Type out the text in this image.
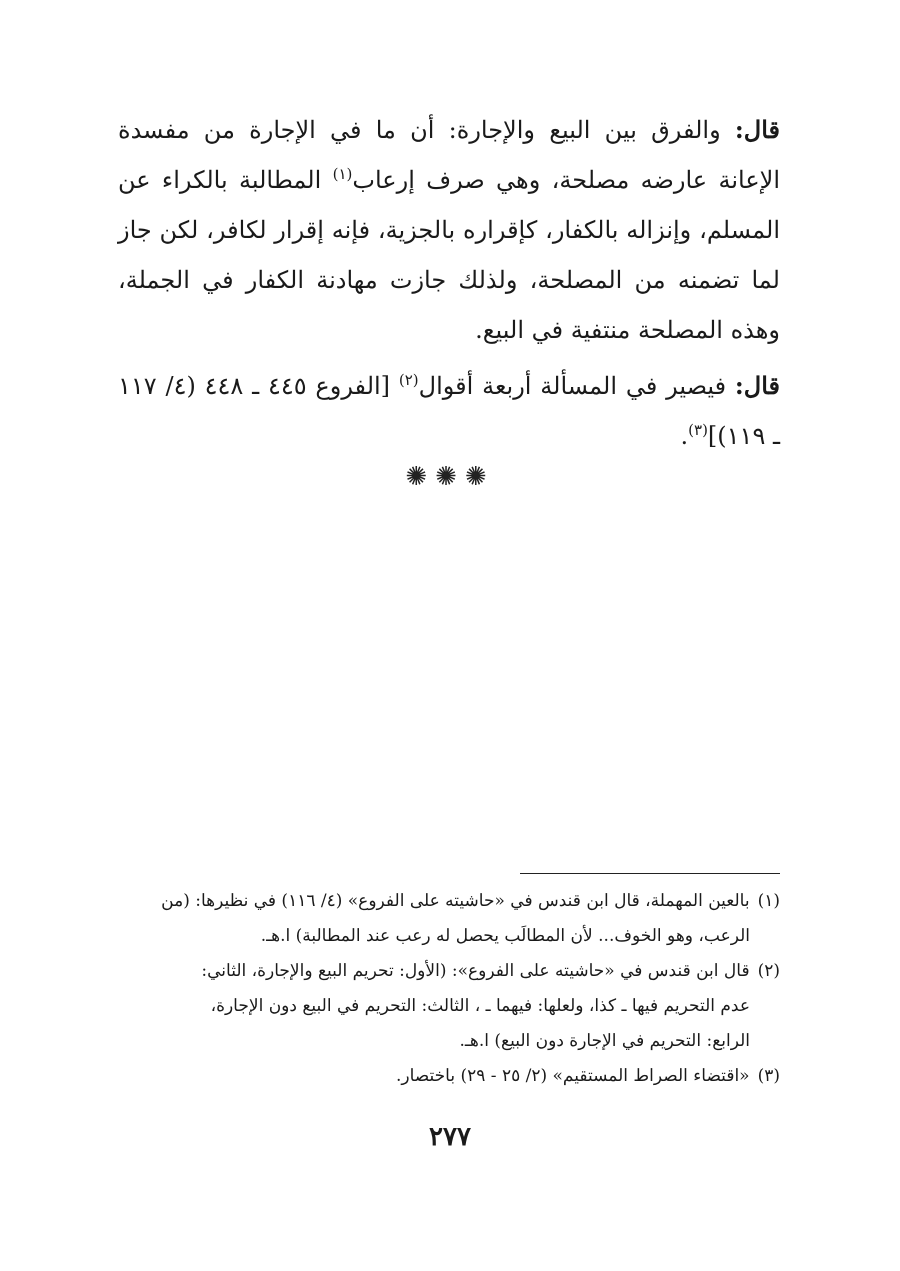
قال: والفرق بين البيع والإجارة: أن ما في الإجارة من مفسدة الإعانة عارضه مصلحة، وهي صرف إرعاب$^{(١)}$ المطالبة بالكراء عن المسلم، وإنزاله بالكفار، كإقراره بالجزية، فإنه إقرار لكافر، لكن جاز لما تضمنه من المصلحة، ولذلك جازت مهادنة الكفار في الجملة، وهذه المصلحة منتفية في البيع.

قال: فيصير في المسألة أربعة أقوال$^{(٢)}$ [الفروع ٤٤٥ ـ ٤٤٨ (٤/ ١١٧ ـ ١١٩)]$^{(٣)}$.

✺✺✺

(١)بالعين المهملة، قال ابن قندس في «حاشيته على الفروع» (٤/ ١١٦) في نظيرها: (من

الرعب، وهو الخوف... لأن المطالَب يحصل له رعب عند المطالبة) ا.هـ.

(٢)قال ابن قندس في «حاشيته على الفروع»: (الأول: تحريم البيع والإجارة، الثاني:

عدم التحريم فيها ـ كذا، ولعلها: فيهما ـ ، الثالث: التحريم في البيع دون الإجارة،

الرابع: التحريم في الإجارة دون البيع) ا.هـ.

(٣)«اقتضاء الصراط المستقيم» (٢/ ٢٥ - ٢٩) باختصار.

٢٧٧
